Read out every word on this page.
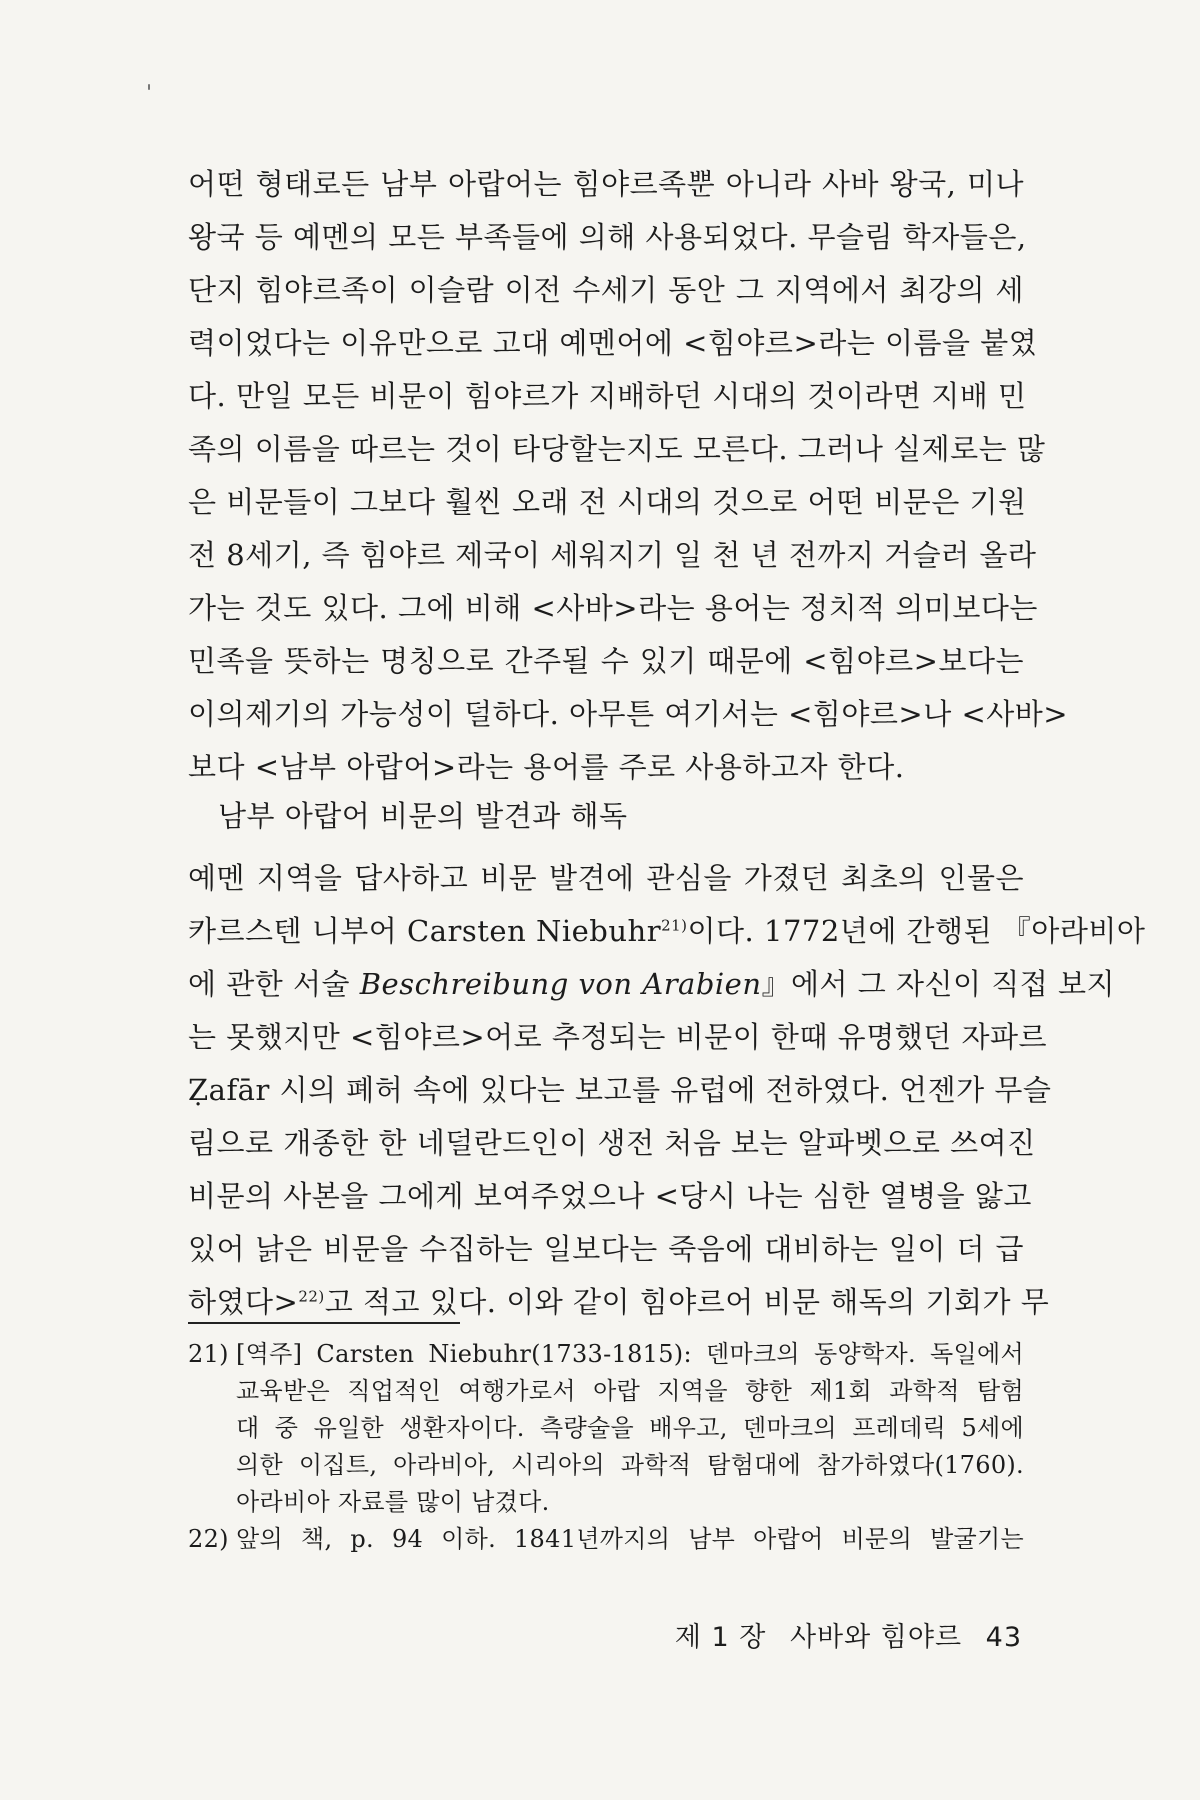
어떤 형태로든 남부 아랍어는 힘야르족뿐 아니라 사바 왕국, 미나
왕국 등 예멘의 모든 부족들에 의해 사용되었다. 무슬림 학자들은,
단지 힘야르족이 이슬람 이전 수세기 동안 그 지역에서 최강의 세
력이었다는 이유만으로 고대 예멘어에 <힘야르>라는 이름을 붙였
다. 만일 모든 비문이 힘야르가 지배하던 시대의 것이라면 지배 민
족의 이름을 따르는 것이 타당할는지도 모른다. 그러나 실제로는 많
은 비문들이 그보다 훨씬 오래 전 시대의 것으로 어떤 비문은 기원
전 8세기, 즉 힘야르 제국이 세워지기 일 천 년 전까지 거슬러 올라
가는 것도 있다. 그에 비해 <사바>라는 용어는 정치적 의미보다는
민족을 뜻하는 명칭으로 간주될 수 있기 때문에 <힘야르>보다는
이의제기의 가능성이 덜하다. 아무튼 여기서는 <힘야르>나 <사바>
보다 <남부 아랍어>라는 용어를 주로 사용하고자 한다.
남부 아랍어 비문의 발견과 해독
예멘 지역을 답사하고 비문 발견에 관심을 가졌던 최초의 인물은
카르스텐 니부어 Carsten Niebuhr$^{21)}$이다. 1772년에 간행된 『아라비아
에 관한 서술 Beschreibung von Arabien』에서 그 자신이 직접 보지
는 못했지만 <힘야르>어로 추정되는 비문이 한때 유명했던 자파르
Ẓafār 시의 폐허 속에 있다는 보고를 유럽에 전하였다. 언젠가 무슬
림으로 개종한 한 네덜란드인이 생전 처음 보는 알파벳으로 쓰여진
비문의 사본을 그에게 보여주었으나 <당시 나는 심한 열병을 앓고
있어 낡은 비문을 수집하는 일보다는 죽음에 대비하는 일이 더 급
하였다>$^{22)}$고 적고 있다. 이와 같이 힘야르어 비문 해독의 기회가 무
21) [역주] Carsten Niebuhr(1733-1815): 덴마크의 동양학자. 독일에서
교육받은 직업적인 여행가로서 아랍 지역을 향한 제1회 과학적 탐험
대 중 유일한 생환자이다. 측량술을 배우고, 덴마크의 프레데릭 5세에
의한 이집트, 아라비아, 시리아의 과학적 탐험대에 참가하였다(1760).
아라비아 자료를 많이 남겼다.
22) 앞의 책, p. 94 이하. 1841년까지의 남부 아랍어 비문의 발굴기는
제 1 장 사바와 힘야르 43
